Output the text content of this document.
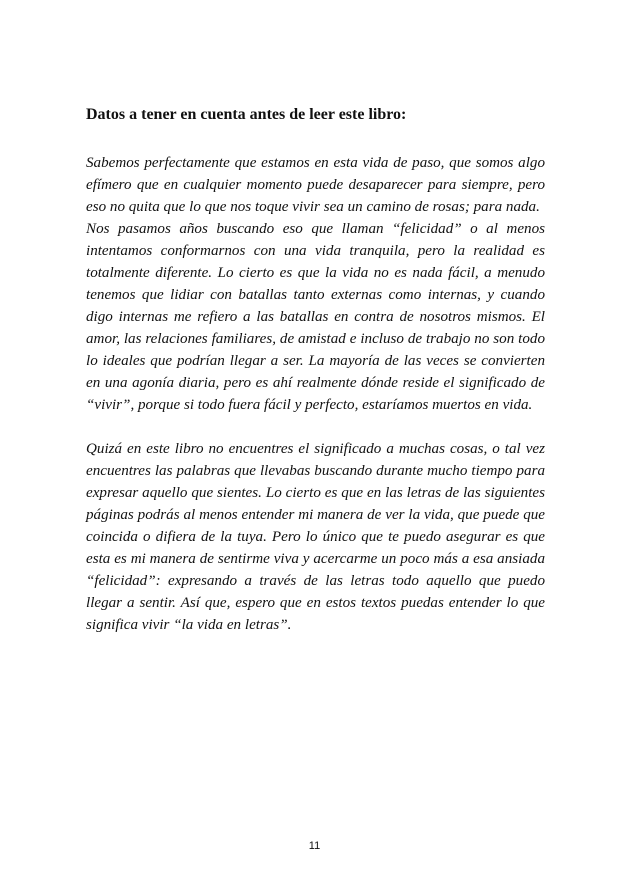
Datos a tener en cuenta antes de leer este libro:

Sabemos perfectamente que estamos en esta vida de paso, que somos algo efímero que en cualquier momento puede desaparecer para siempre, pero eso no quita que lo que nos toque vivir sea un camino de rosas; para nada.

Nos pasamos años buscando eso que llaman “felicidad” o al menos intentamos conformarnos con una vida tranquila, pero la realidad es totalmente diferente. Lo cierto es que la vida no es nada fácil, a menudo tenemos que lidiar con batallas tanto externas como internas, y cuando digo internas me refiero a las batallas en contra de nosotros mismos. El amor, las relaciones familiares, de amistad e incluso de trabajo no son todo lo ideales que podrían llegar a ser. La mayoría de las veces se convierten en una agonía diaria, pero es ahí realmente dónde reside el significado de “vivir”, porque si todo fuera fácil y perfecto, estaríamos muertos en vida.

Quizá en este libro no encuentres el significado a muchas cosas, o tal vez encuentres las palabras que llevabas buscando durante mucho tiempo para expresar aquello que sientes. Lo cierto es que en las letras de las siguientes páginas podrás al menos entender mi manera de ver la vida, que puede que coincida o difiera de la tuya. Pero lo único que te puedo asegurar es que esta es mi manera de sentirme viva y acercarme un poco más a esa ansiada “felicidad”: expresando a través de las letras todo aquello que puedo llegar a sentir. Así que, espero que en estos textos puedas entender lo que significa vivir “la vida en letras”.

11
